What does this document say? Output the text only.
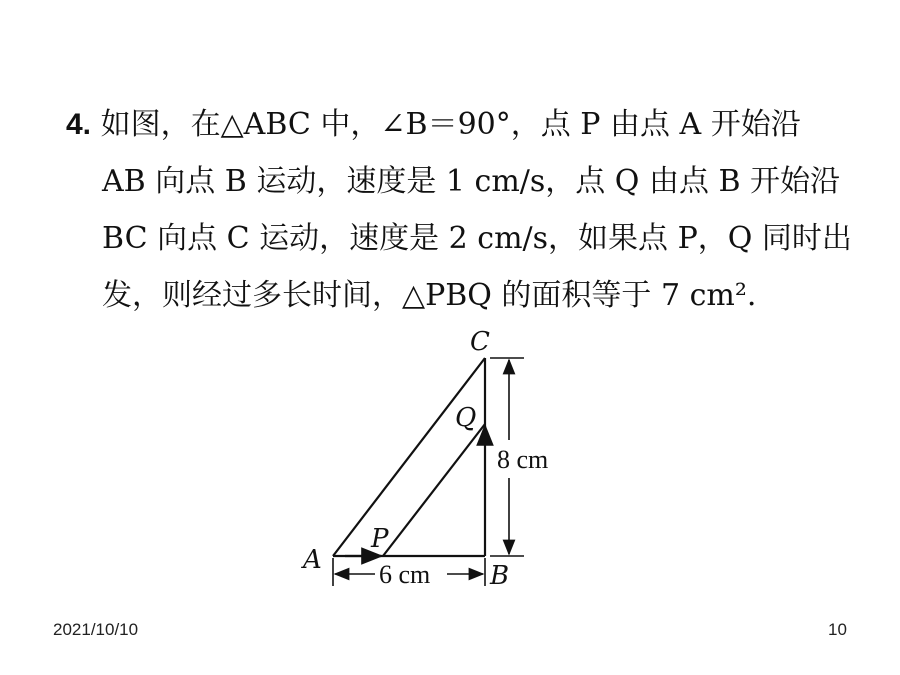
4. 如图，在△ABC 中，∠B＝90°，点 P 由点 A 开始沿
AB 向点 B 运动，速度是 1 cm/s，点 Q 由点 B 开始沿
BC 向点 C 运动，速度是 2 cm/s，如果点 P，Q 同时出
发，则经过多长时间，△PBQ 的面积等于 7 cm².
C
Q
P
A
B
8 cm
6 cm
2021/10/10	10
